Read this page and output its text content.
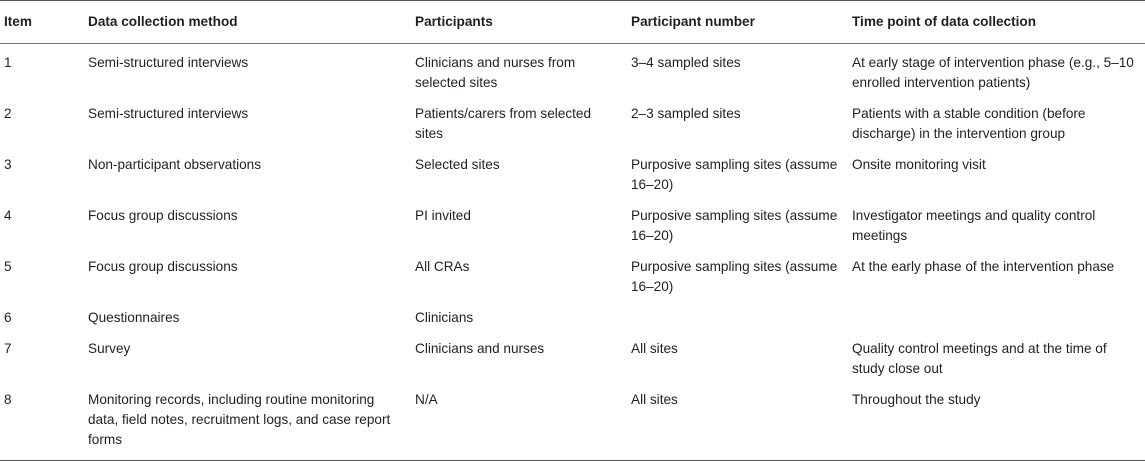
Item	Data collection method	Participants	Participant number	Time point of data collection
1	Semi-structured interviews	Clinicians and nurses from selected sites	3–4 sampled sites	At early stage of intervention phase (e.g., 5–10 enrolled intervention patients)
2	Semi-structured interviews	Patients/carers from selected sites	2–3 sampled sites	Patients with a stable condition (before discharge) in the intervention group
3	Non-participant observations	Selected sites	Purposive sampling sites (assume 16–20)	Onsite monitoring visit
4	Focus group discussions	PI invited	Purposive sampling sites (assume 16–20)	Investigator meetings and quality control meetings
5	Focus group discussions	All CRAs	Purposive sampling sites (assume 16–20)	At the early phase of the intervention phase
6	Questionnaires	Clinicians		
7	Survey	Clinicians and nurses	All sites	Quality control meetings and at the time of study close out
8	Monitoring records, including routine monitoring data, field notes, recruitment logs, and case report forms	N/A	All sites	Throughout the study
